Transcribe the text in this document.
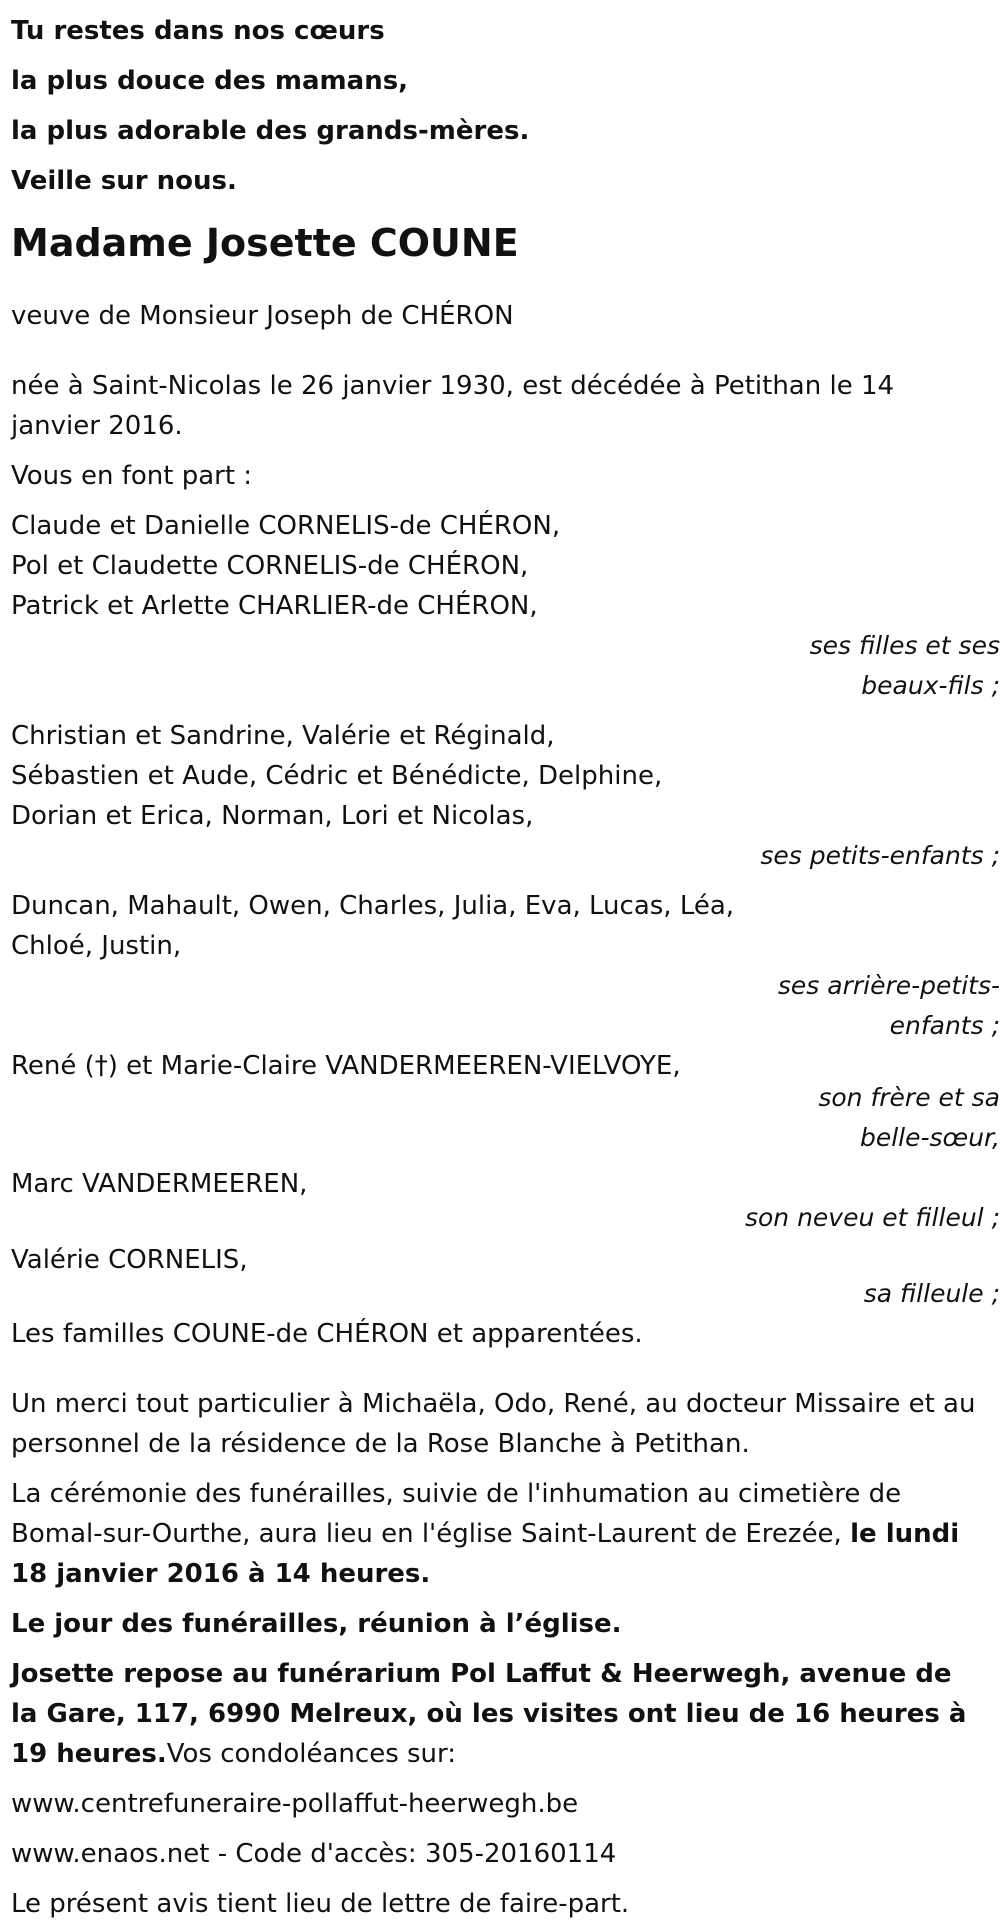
Tu restes dans nos cœurs
la plus douce des mamans,
la plus adorable des grands-mères.
Veille sur nous.
Madame Josette COUNE
veuve de Monsieur Joseph de CHÉRON
née à Saint-Nicolas le 26 janvier 1930, est décédée à Petithan le 14 janvier 2016.
Vous en font part :
Claude et Danielle CORNELIS-de CHÉRON,
Pol et Claudette CORNELIS-de CHÉRON,
Patrick et Arlette CHARLIER-de CHÉRON,
ses filles et ses
beaux-fils ;
Christian et Sandrine, Valérie et Réginald,
Sébastien et Aude, Cédric et Bénédicte, Delphine,
Dorian et Erica, Norman, Lori et Nicolas,
ses petits-enfants ;
Duncan, Mahault, Owen, Charles, Julia, Eva, Lucas, Léa,
Chloé, Justin,
ses arrière-petits-
enfants ;
René (†) et Marie-Claire VANDERMEEREN-VIELVOYE,
son frère et sa
belle-sœur,
Marc VANDERMEEREN,
son neveu et filleul ;
Valérie CORNELIS,
sa filleule ;
Les familles COUNE-de CHÉRON et apparentées.
Un merci tout particulier à Michaëla, Odo, René, au docteur Missaire et au personnel de la résidence de la Rose Blanche à Petithan.
La cérémonie des funérailles, suivie de l'inhumation au cimetière de Bomal-sur-Ourthe, aura lieu en l'église Saint-Laurent de Erezée, le lundi 18 janvier 2016 à 14 heures.
Le jour des funérailles, réunion à l’église.
Josette repose au funérarium Pol Laffut & Heerwegh, avenue de la Gare, 117, 6990 Melreux, où les visites ont lieu de 16 heures à 19 heures.Vos condoléances sur:
www.centrefuneraire-pollaffut-heerwegh.be
www.enaos.net - Code d'accès: 305-20160114
Le présent avis tient lieu de lettre de faire-part.
